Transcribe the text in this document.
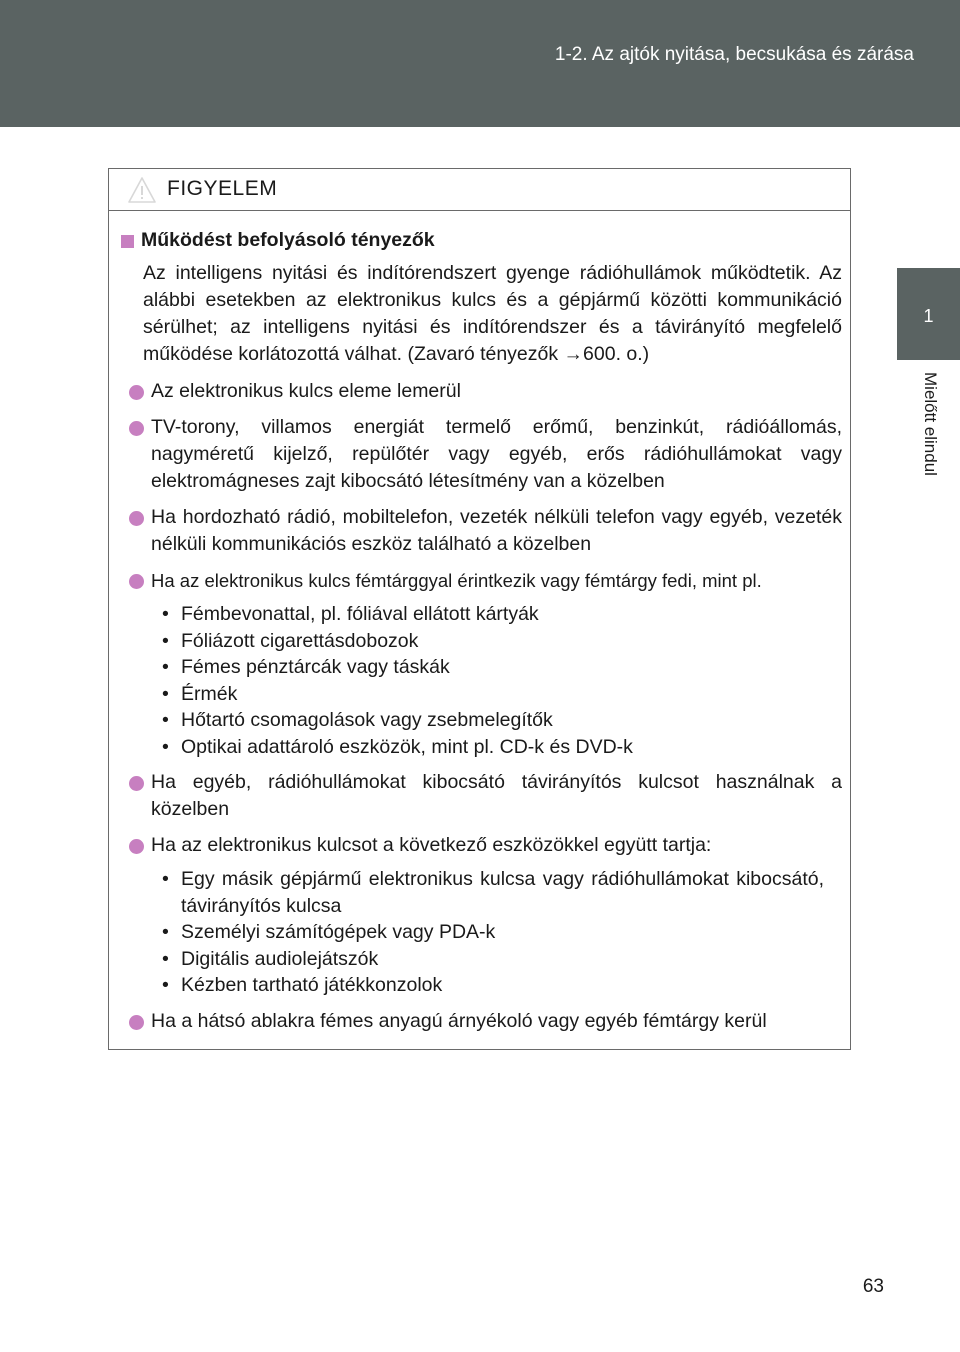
1-2. Az ajtók nyitása, becsukása és zárása
1
Mielőtt elindul
FIGYELEM
Működést befolyásoló tényezők
Az intelligens nyitási és indítórendszert gyenge rádióhullámok működtetik. Az alábbi esetekben az elektronikus kulcs és a gépjármű közötti kommunikáció sérülhet; az intelligens nyitási és indítórendszer és a távirányító megfelelő működése korlátozottá válhat. (Zavaró tényezők →600. o.)
Az elektronikus kulcs eleme lemerül
TV-torony, villamos energiát termelő erőmű, benzinkút, rádióállomás, nagyméretű kijelző, repülőtér vagy egyéb, erős rádióhullámokat vagy elektromágneses zajt kibocsátó létesítmény van a közelben
Ha hordozható rádió, mobiltelefon, vezeték nélküli telefon vagy egyéb, vezeték nélküli kommunikációs eszköz található a közelben
Ha az elektronikus kulcs fémtárggyal érintkezik vagy fémtárgy fedi, mint pl.
• Fémbevonattal, pl. fóliával ellátott kártyák
• Fóliázott cigarettásdobozok
• Fémes pénztárcák vagy táskák
• Érmék
• Hőtartó csomagolások vagy zsebmelegítők
• Optikai adattároló eszközök, mint pl. CD-k és DVD-k
Ha egyéb, rádióhullámokat kibocsátó távirányítós kulcsot használnak a közelben
Ha az elektronikus kulcsot a következő eszközökkel együtt tartja:
• Egy másik gépjármű elektronikus kulcsa vagy rádióhullámokat kibocsátó, távirányítós kulcsa
• Személyi számítógépek vagy PDA-k
• Digitális audiolejátszók
• Kézben tartható játékkonzolok
Ha a hátsó ablakra fémes anyagú árnyékoló vagy egyéb fémtárgy kerül
63
